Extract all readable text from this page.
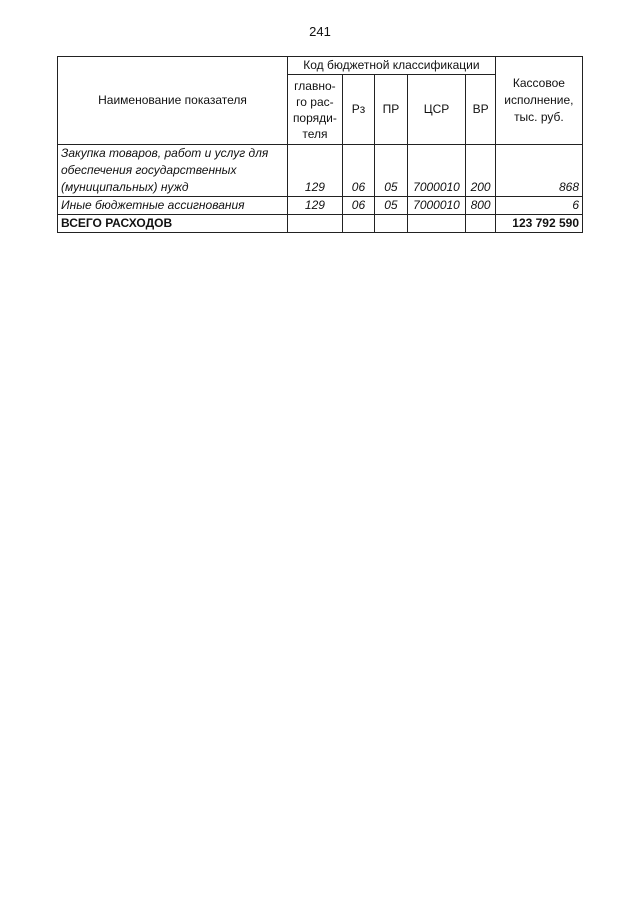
241
Наименование показателя	Код бюджетной классификации					Кассовое
исполнение,
тыс. руб.

	главно-
го рас-
поряди-
теля	Рз	ПР	ЦСР	ВР	
Закупка товаров, работ и услуг для обеспечения государственных (муниципальных) нужд	129	06	05	7000010	200	868
Иные бюджетные ассигнования	129	06	05	7000010	800	6
ВСЕГО РАСХОДОВ						123 792 590
